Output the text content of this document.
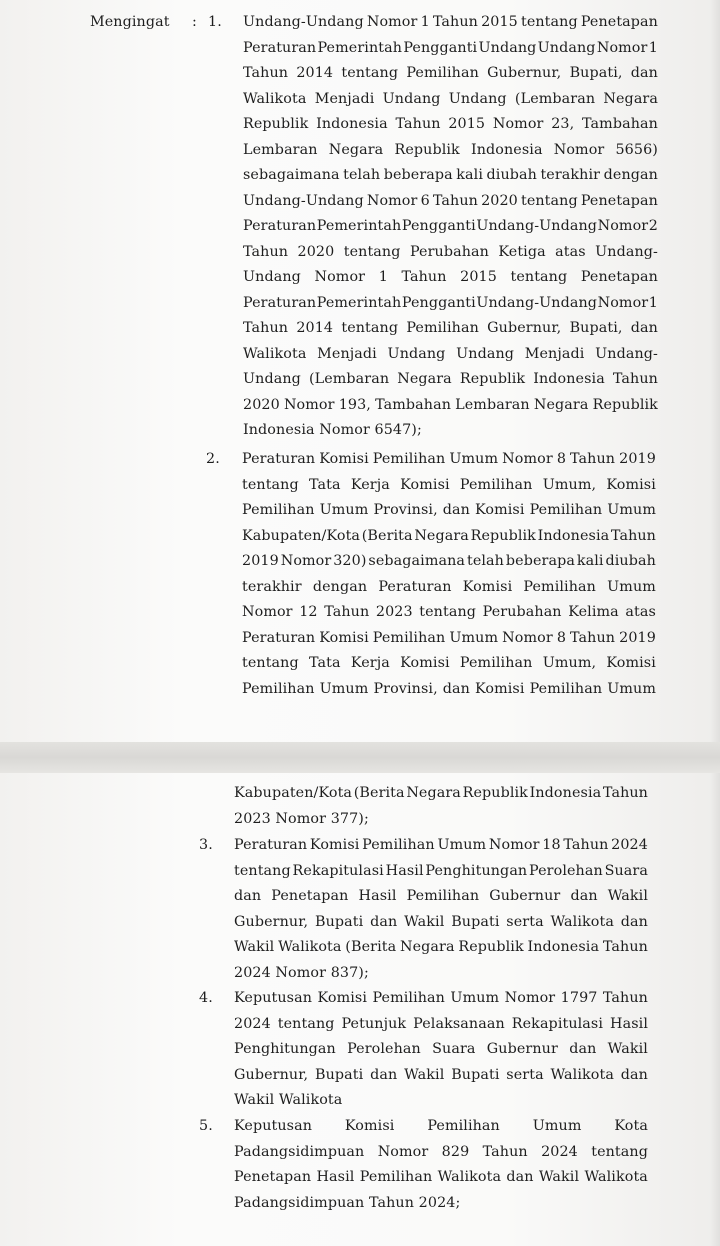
Mengingat : 1. Undang-Undang Nomor 1 Tahun 2015 tentang Penetapan
Peraturan Pemerintah Pengganti Undang Undang Nomor 1
Tahun 2014 tentang Pemilihan Gubernur, Bupati, dan
Walikota Menjadi Undang Undang (Lembaran Negara
Republik Indonesia Tahun 2015 Nomor 23, Tambahan
Lembaran Negara Republik Indonesia Nomor 5656)
sebagaimana telah beberapa kali diubah terakhir dengan
Undang-Undang Nomor 6 Tahun 2020 tentang Penetapan
Peraturan Pemerintah Pengganti Undang-Undang Nomor 2
Tahun 2020 tentang Perubahan Ketiga atas Undang-
Undang Nomor 1 Tahun 2015 tentang Penetapan
Peraturan Pemerintah Pengganti Undang-Undang Nomor 1
Tahun 2014 tentang Pemilihan Gubernur, Bupati, dan
Walikota Menjadi Undang Undang Menjadi Undang-
Undang (Lembaran Negara Republik Indonesia Tahun
2020 Nomor 193, Tambahan Lembaran Negara Republik
Indonesia Nomor 6547);
2. Peraturan Komisi Pemilihan Umum Nomor 8 Tahun 2019
tentang Tata Kerja Komisi Pemilihan Umum, Komisi
Pemilihan Umum Provinsi, dan Komisi Pemilihan Umum
Kabupaten/Kota (Berita Negara Republik Indonesia Tahun
2019 Nomor 320) sebagaimana telah beberapa kali diubah
terakhir dengan Peraturan Komisi Pemilihan Umum
Nomor 12 Tahun 2023 tentang Perubahan Kelima atas
Peraturan Komisi Pemilihan Umum Nomor 8 Tahun 2019
tentang Tata Kerja Komisi Pemilihan Umum, Komisi
Pemilihan Umum Provinsi, dan Komisi Pemilihan Umum
Kabupaten/Kota (Berita Negara Republik Indonesia Tahun
2023 Nomor 377);
3. Peraturan Komisi Pemilihan Umum Nomor 18 Tahun 2024
tentang Rekapitulasi Hasil Penghitungan Perolehan Suara
dan Penetapan Hasil Pemilihan Gubernur dan Wakil
Gubernur, Bupati dan Wakil Bupati serta Walikota dan
Wakil Walikota (Berita Negara Republik Indonesia Tahun
2024 Nomor 837);
4. Keputusan Komisi Pemilihan Umum Nomor 1797 Tahun
2024 tentang Petunjuk Pelaksanaan Rekapitulasi Hasil
Penghitungan Perolehan Suara Gubernur dan Wakil
Gubernur, Bupati dan Wakil Bupati serta Walikota dan
Wakil Walikota
5. Keputusan Komisi Pemilihan Umum Kota
Padangsidimpuan Nomor 829 Tahun 2024 tentang
Penetapan Hasil Pemilihan Walikota dan Wakil Walikota
Padangsidimpuan Tahun 2024;
